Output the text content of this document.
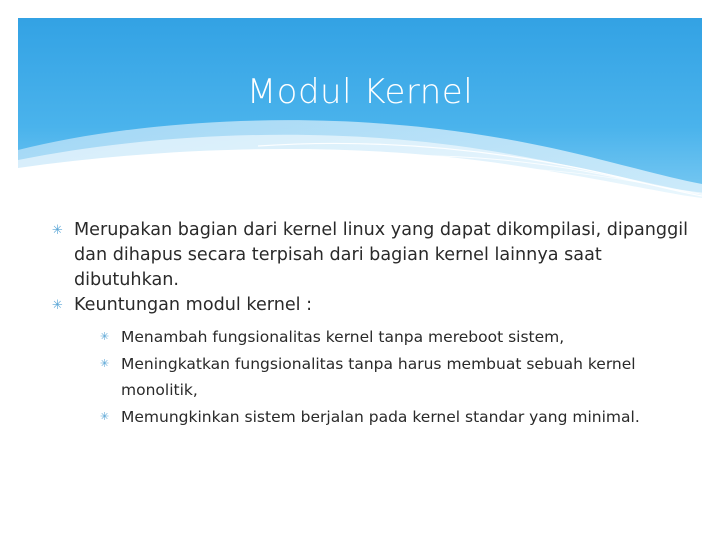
Modul Kernel
✳ Merupakan bagian dari kernel linux yang dapat dikompilasi, dipanggil dan dihapus secara terpisah dari bagian kernel lainnya saat dibutuhkan.
✳ Keuntungan modul kernel :
✳ Menambah fungsionalitas kernel tanpa mereboot sistem,
✳ Meningkatkan fungsionalitas tanpa harus membuat sebuah kernel monolitik,
✳ Memungkinkan sistem berjalan pada kernel standar yang minimal.
